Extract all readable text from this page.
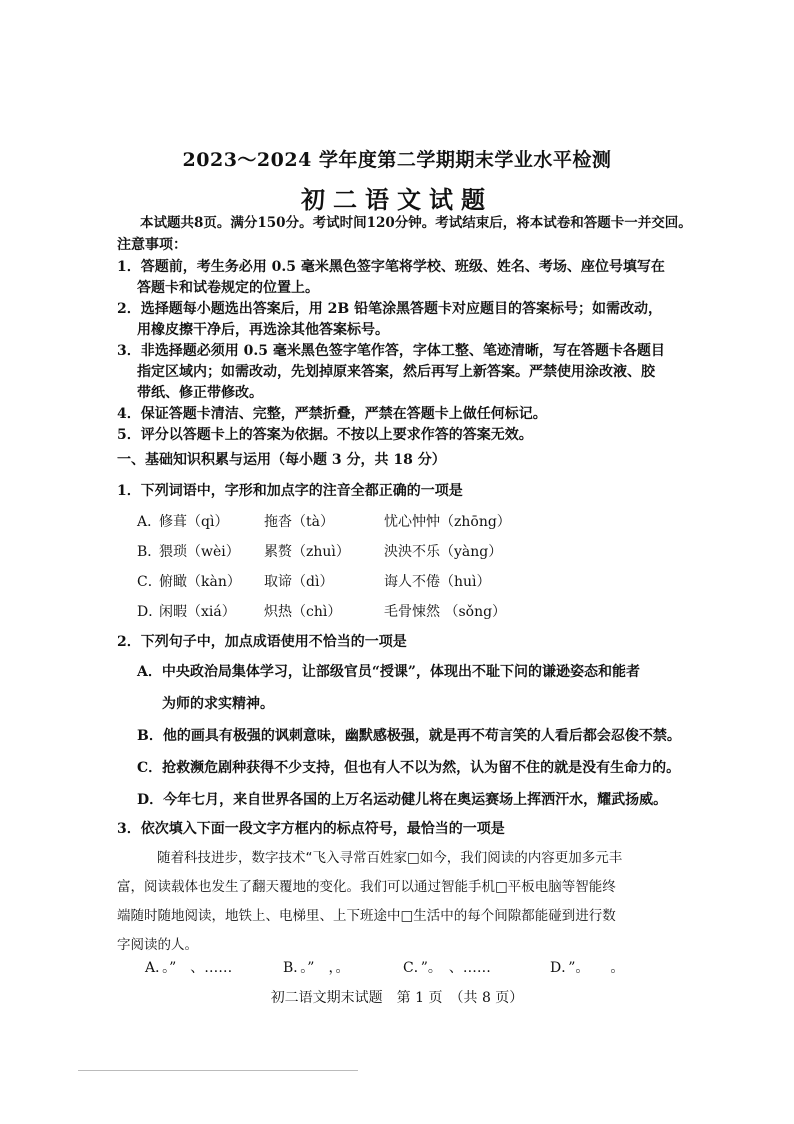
2023～2024 学年度第二学期期末学业水平检测
初二语文试题
本试题共8页。满分150分。考试时间120分钟。考试结束后，将本试卷和答题卡一并交回。
注意事项：
1．答题前，考生务必用 0.5 毫米黑色签字笔将学校、班级、姓名、考场、座位号填写在
答题卡和试卷规定的位置上。
2．选择题每小题选出答案后，用 2B 铅笔涂黑答题卡对应题目的答案标号；如需改动，
用橡皮擦干净后，再选涂其他答案标号。
3．非选择题必须用 0.5 毫米黑色签字笔作答，字体工整、笔迹清晰，写在答题卡各题目
指定区域内；如需改动，先划掉原来答案，然后再写上新答案。严禁使用涂改液、胶
带纸、修正带修改。
4．保证答题卡清洁、完整，严禁折叠，严禁在答题卡上做任何标记。
5．评分以答题卡上的答案为依据。不按以上要求作答的答案无效。
一、基础知识积累与运用（每小题 3 分，共 18 分）
1．下列词语中，字形和加点字的注音全都正确的一项是
A．
修葺（qì）	拖沓（tà）	忧心忡忡（zhōng）
B．
猥琐（wèi） 累赘（zhuì） 泱泱不乐（yàng）
C．
俯瞰（kàn） 取谛（dì）	诲人不倦（huì）
D．
闲暇（xiá） 炽热（chì）	毛骨悚然 （sǒng）
2．下列句子中，加点成语使用不恰当的一项是
A．中央政治局集体学习，让部级官员“授课”，体现出不耻下问的谦逊姿态和能者
为师的求实精神。
B．他的画具有极强的讽刺意味，幽默感极强，就是再不苟言笑的人看后都会忍俊不禁。
C．抢救濒危剧种获得不少支持，但也有人不以为然，认为留不住的就是没有生命力的。
D．今年七月，来自世界各国的上万名运动健儿将在奥运赛场上挥洒汗水，耀武扬威。
3．依次填入下面一段文字方框内的标点符号，最恰当的一项是
随着科技进步，数字技术“飞入寻常百姓家□如今，我们阅读的内容更加多元丰
富，阅读载体也发生了翻天覆地的变化。我们可以通过智能手机□平板电脑等智能终
端随时随地阅读，地铁上、电梯里、上下班途中□生活中的每个间隙都能碰到进行数
字阅读的人。
A．。”　、……	B．。”　，。	C．”。　、……	D．”。　　。
初二语文期末试题　第 1 页　（共 8 页）
